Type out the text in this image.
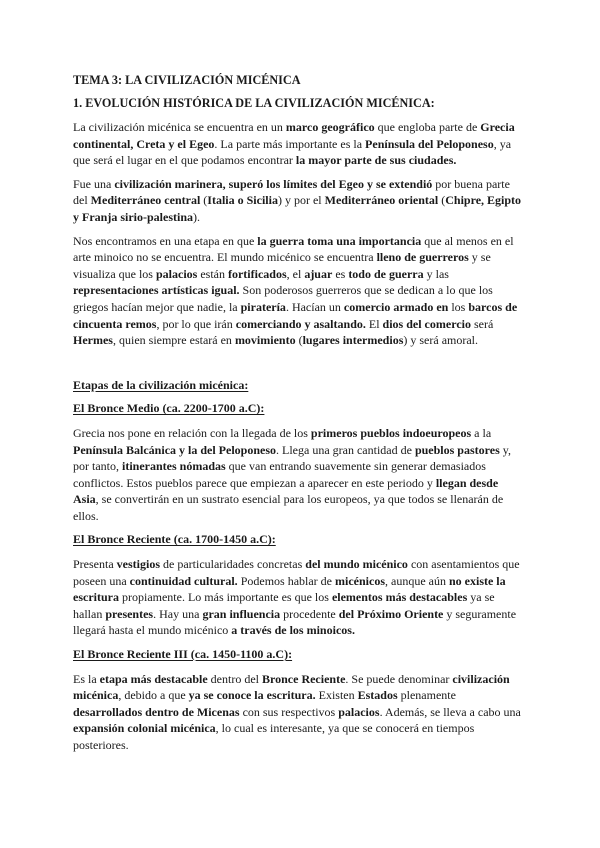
TEMA 3: LA CIVILIZACIÓN MICÉNICA
1. EVOLUCIÓN HISTÓRICA DE LA CIVILIZACIÓN MICÉNICA:

La civilización micénica se encuentra en un marco geográfico que engloba parte de Grecia continental, Creta y el Egeo. La parte más importante es la Península del Peloponeso, ya que será el lugar en el que podamos encontrar la mayor parte de sus ciudades.

Fue una civilización marinera, superó los límites del Egeo y se extendió por buena parte del Mediterráneo central (Italia o Sicilia) y por el Mediterráneo oriental (Chipre, Egipto y Franja sirio-palestina).

Nos encontramos en una etapa en que la guerra toma una importancia que al menos en el arte minoico no se encuentra. El mundo micénico se encuentra lleno de guerreros y se visualiza que los palacios están fortificados, el ajuar es todo de guerra y las representaciones artísticas igual. Son poderosos guerreros que se dedican a lo que los griegos hacían mejor que nadie, la piratería. Hacían un comercio armado en los barcos de cincuenta remos, por lo que irán comerciando y asaltando. El dios del comercio será Hermes, quien siempre estará en movimiento (lugares intermedios) y será amoral.

Etapas de la civilización micénica:
El Bronce Medio (ca. 2200-1700 a.C):

Grecia nos pone en relación con la llegada de los primeros pueblos indoeuropeos a la Península Balcánica y la del Peloponeso. Llega una gran cantidad de pueblos pastores y, por tanto, itinerantes nómadas que van entrando suavemente sin generar demasiados conflictos. Estos pueblos parece que empiezan a aparecer en este periodo y llegan desde Asia, se convertirán en un sustrato esencial para los europeos, ya que todos se llenarán de ellos.

El Bronce Reciente (ca. 1700-1450 a.C):

Presenta vestigios de particularidades concretas del mundo micénico con asentamientos que poseen una continuidad cultural. Podemos hablar de micénicos, aunque aún no existe la escritura propiamente. Lo más importante es que los elementos más destacables ya se hallan presentes. Hay una gran influencia procedente del Próximo Oriente y seguramente llegará hasta el mundo micénico a través de los minoicos.

El Bronce Reciente III (ca. 1450-1100 a.C):

Es la etapa más destacable dentro del Bronce Reciente. Se puede denominar civilización micénica, debido a que ya se conoce la escritura. Existen Estados plenamente desarrollados dentro de Micenas con sus respectivos palacios. Además, se lleva a cabo una expansión colonial micénica, lo cual es interesante, ya que se conocerá en tiempos posteriores.
